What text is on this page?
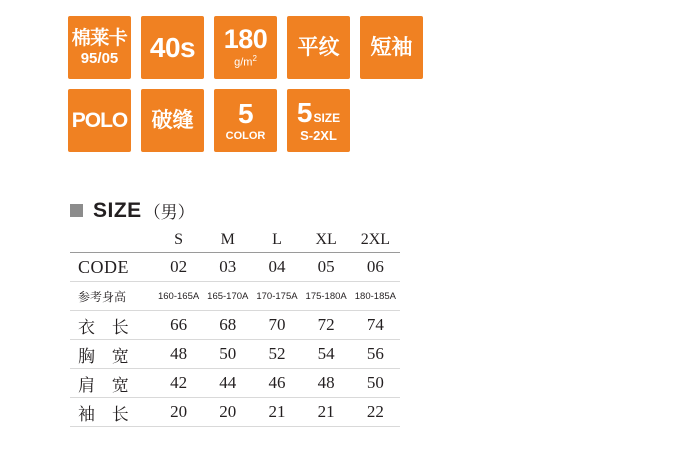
棉莱卡
95/05 40s 180
$g/m^2$ 平纹 短袖
POLO 破缝 5
COLOR
5 SIZE
S-2XL
SIZE （男）
	S	M	L	XL	2XL
CODE	02	03	04	05	06
参考身高	160-165A	165-170A	170-175A	175-180A	180-185A
衣 长	66	68	70	72	74
胸 宽	48	50	52	54	56
肩 宽	42	44	46	48	50
袖 长	20	20	21	21	22
